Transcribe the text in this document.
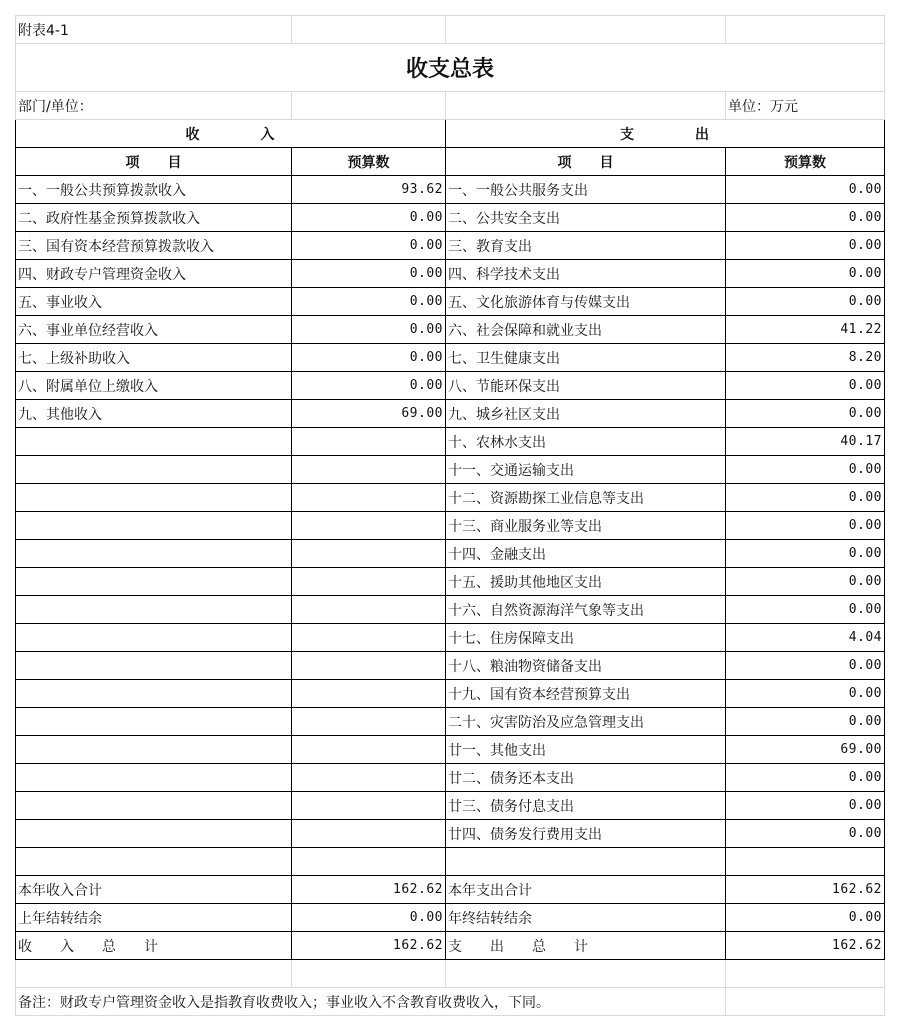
附表4-1			
收支总表			
部门/单位：			单位：万元
收　　　　入		支　　　　出	
项　　目	预算数	项　　目	预算数
一、一般公共预算拨款收入	93.62	一、一般公共服务支出	0.00
二、政府性基金预算拨款收入	0.00	二、公共安全支出	0.00
三、国有资本经营预算拨款收入	0.00	三、教育支出	0.00
四、财政专户管理资金收入	0.00	四、科学技术支出	0.00
五、事业收入	0.00	五、文化旅游体育与传媒支出	0.00
六、事业单位经营收入	0.00	六、社会保障和就业支出	41.22
七、上级补助收入	0.00	七、卫生健康支出	8.20
八、附属单位上缴收入	0.00	八、节能环保支出	0.00
九、其他收入	69.00	九、城乡社区支出	0.00
		十、农林水支出	40.17
		十一、交通运输支出	0.00
		十二、资源勘探工业信息等支出	0.00
		十三、商业服务业等支出	0.00
		十四、金融支出	0.00
		十五、援助其他地区支出	0.00
		十六、自然资源海洋气象等支出	0.00
		十七、住房保障支出	4.04
		十八、粮油物资储备支出	0.00
		十九、国有资本经营预算支出	0.00
		二十、灾害防治及应急管理支出	0.00
		廿一、其他支出	69.00
		廿二、债务还本支出	0.00
		廿三、债务付息支出	0.00
		廿四、债务发行费用支出	0.00

本年收入合计	162.62	本年支出合计	162.62
上年结转结余	0.00	年终结转结余	0.00
收　　入　　总　　计	162.62	支　　出　　总　　计	162.62

备注：财政专户管理资金收入是指教育收费收入；事业收入不含教育收费收入，下同。			
